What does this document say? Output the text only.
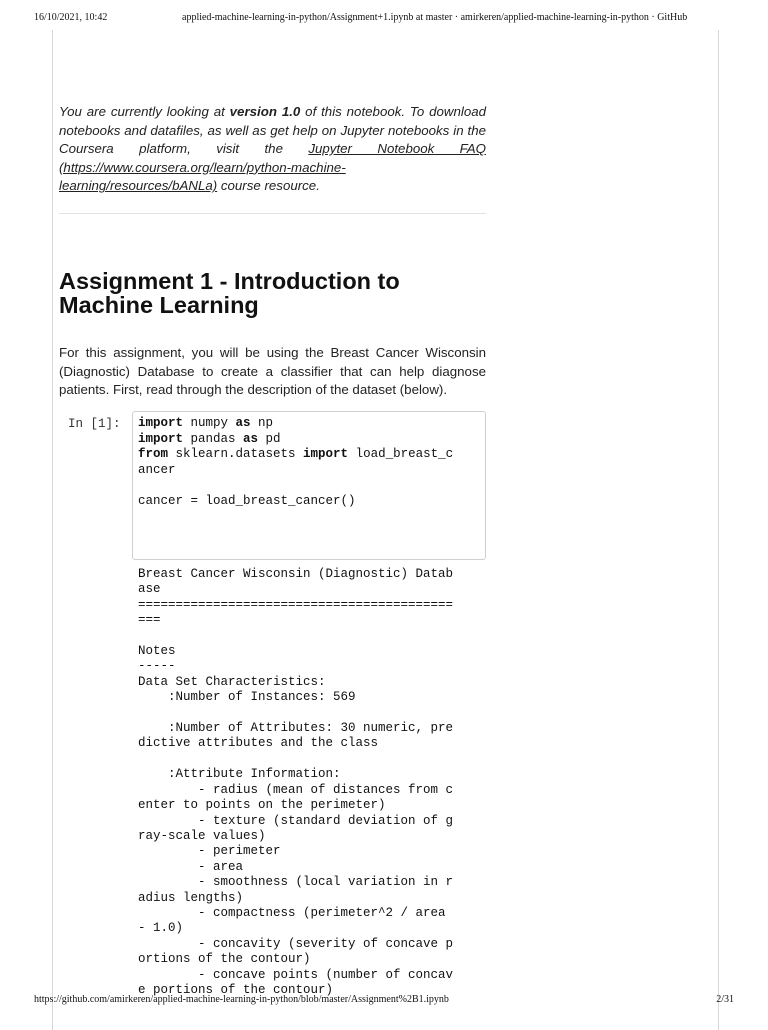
16/10/2021, 10:42	applied-machine-learning-in-python/Assignment+1.ipynb at master · amirkeren/applied-machine-learning-in-python · GitHub
You are currently looking at version 1.0 of this notebook. To download notebooks and datafiles, as well as get help on Jupyter notebooks in the Coursera platform, visit the Jupyter Notebook FAQ (https://www.coursera.org/learn/python-machine-learning/resources/bANLa) course resource.
Assignment 1 - Introduction to Machine Learning
For this assignment, you will be using the Breast Cancer Wisconsin (Diagnostic) Database to create a classifier that can help diagnose patients. First, read through the description of the dataset (below).
In [1]: import numpy as np
import pandas as pd
from sklearn.datasets import load_breast_c
ancer

cancer = load_breast_cancer()
Breast Cancer Wisconsin (Diagnostic) Datab
ase
==========================================
===

Notes
-----
Data Set Characteristics:
:Number of Instances: 569

:Number of Attributes: 30 numeric, pre
dictive attributes and the class

:Attribute Information:
- radius (mean of distances from c
enter to points on the perimeter)
- texture (standard deviation of g
ray-scale values)
- perimeter
- area
- smoothness (local variation in r
adius lengths)
- compactness (perimeter^2 / area
- 1.0)
- concavity (severity of concave p
ortions of the contour)
- concave points (number of concav
e portions of the contour)
https://github.com/amirkeren/applied-machine-learning-in-python/blob/master/Assignment%2B1.ipynb	2/31
